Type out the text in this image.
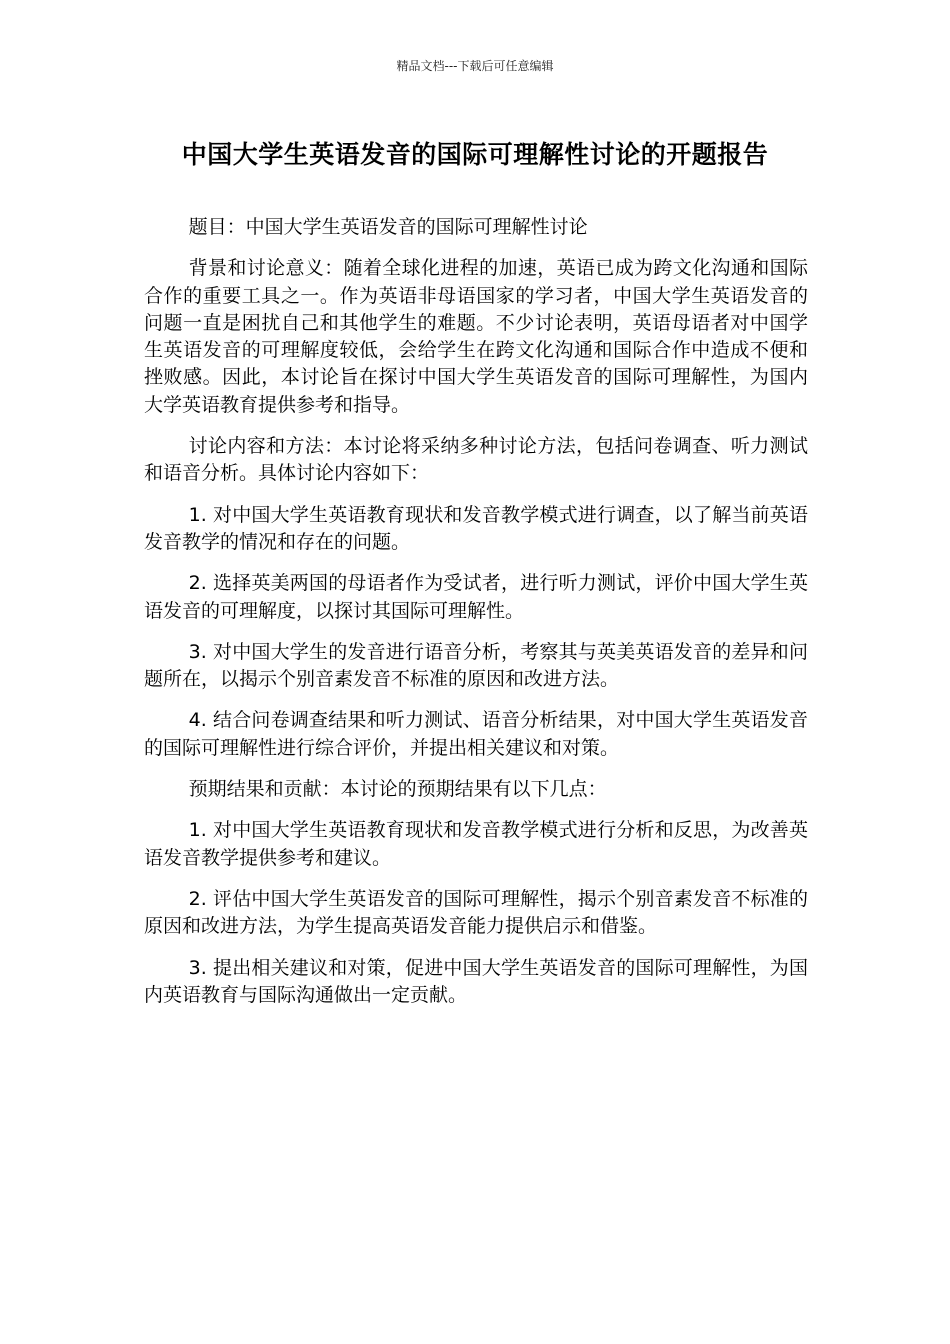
精品文档---下载后可任意编辑
中国大学生英语发音的国际可理解性讨论的开题报告

题目：中国大学生英语发音的国际可理解性讨论

背景和讨论意义：随着全球化进程的加速，英语已成为跨文化沟通和国际合作的重要工具之一。作为英语非母语国家的学习者，中国大学生英语发音的问题一直是困扰自己和其他学生的难题。不少讨论表明，英语母语者对中国学生英语发音的可理解度较低，会给学生在跨文化沟通和国际合作中造成不便和挫败感。因此，本讨论旨在探讨中国大学生英语发音的国际可理解性，为国内大学英语教育提供参考和指导。

讨论内容和方法：本讨论将采纳多种讨论方法，包括问卷调查、听力测试和语音分析。具体讨论内容如下：

1. 对中国大学生英语教育现状和发音教学模式进行调查，以了解当前英语发音教学的情况和存在的问题。

2. 选择英美两国的母语者作为受试者，进行听力测试，评价中国大学生英语发音的可理解度，以探讨其国际可理解性。

3. 对中国大学生的发音进行语音分析，考察其与英美英语发音的差异和问题所在，以揭示个别音素发音不标准的原因和改进方法。

4. 结合问卷调查结果和听力测试、语音分析结果，对中国大学生英语发音的国际可理解性进行综合评价，并提出相关建议和对策。

预期结果和贡献：本讨论的预期结果有以下几点：

1. 对中国大学生英语教育现状和发音教学模式进行分析和反思，为改善英语发音教学提供参考和建议。

2. 评估中国大学生英语发音的国际可理解性，揭示个别音素发音不标准的原因和改进方法，为学生提高英语发音能力提供启示和借鉴。

3. 提出相关建议和对策，促进中国大学生英语发音的国际可理解性，为国内英语教育与国际沟通做出一定贡献。
